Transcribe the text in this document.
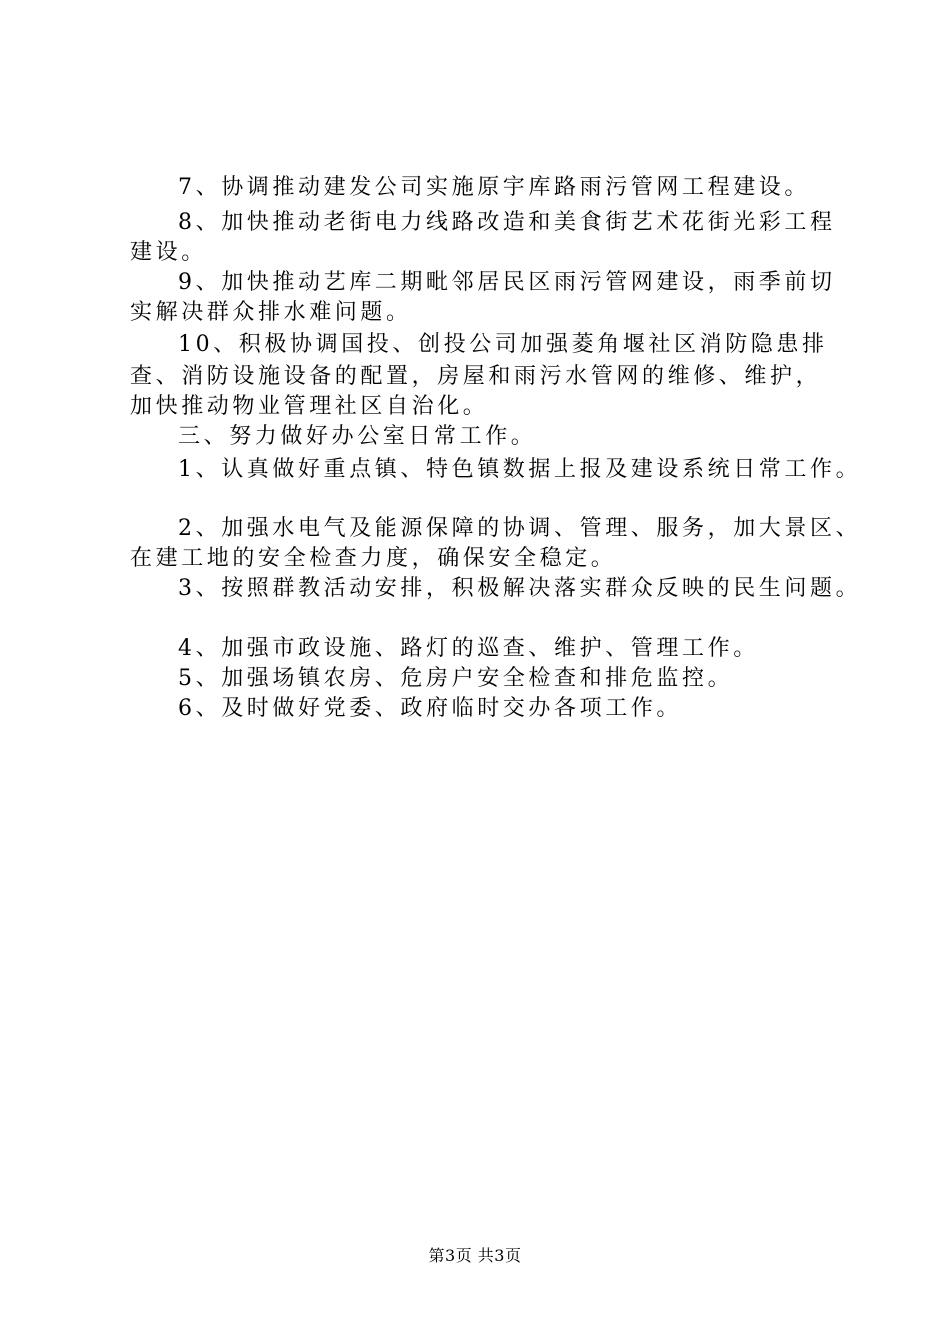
7、协调推动建发公司实施原宇库路雨污管网工程建设。
8、加快推动老街电力线路改造和美食街艺术花街光彩工程
建设。
9、加快推动艺库二期毗邻居民区雨污管网建设，雨季前切
实解决群众排水难问题。
10、积极协调国投、创投公司加强菱角堰社区消防隐患排
查、消防设施设备的配置，房屋和雨污水管网的维修、维护，
加快推动物业管理社区自治化。
三、努力做好办公室日常工作。
1、认真做好重点镇、特色镇数据上报及建设系统日常工作。
2、加强水电气及能源保障的协调、管理、服务，加大景区、
在建工地的安全检查力度，确保安全稳定。
3、按照群教活动安排，积极解决落实群众反映的民生问题。
4、加强市政设施、路灯的巡查、维护、管理工作。
5、加强场镇农房、危房户安全检查和排危监控。
6、及时做好党委、政府临时交办各项工作。
第3页 共3页
